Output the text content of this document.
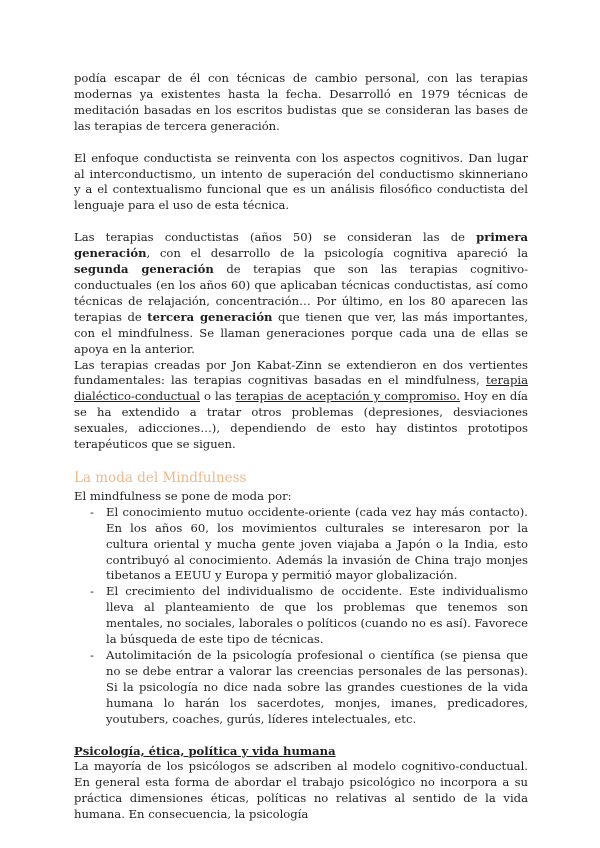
podía escapar de él con técnicas de cambio personal, con las terapias modernas ya existentes hasta la fecha. Desarrolló en 1979 técnicas de meditación basadas en los escritos budistas que se consideran las bases de las terapias de tercera generación.

El enfoque conductista se reinventa con los aspectos cognitivos. Dan lugar al interconductismo, un intento de superación del conductismo skinneriano y a el contextualismo funcional que es un análisis filosófico conductista del lenguaje para el uso de esta técnica.

Las terapias conductistas (años 50) se consideran las de primera generación, con el desarrollo de la psicología cognitiva apareció la segunda generación de terapias que son las terapias cognitivo-conductuales (en los años 60) que aplicaban técnicas conductistas, así como técnicas de relajación, concentración… Por último, en los 80 aparecen las terapias de tercera generación que tienen que ver, las más importantes, con el mindfulness. Se llaman generaciones porque cada una de ellas se apoya en la anterior.

Las terapias creadas por Jon Kabat-Zinn se extendieron en dos vertientes fundamentales: las terapias cognitivas basadas en el mindfulness, terapia dialéctico-conductual o las terapias de aceptación y compromiso. Hoy en día se ha extendido a tratar otros problemas (depresiones, desviaciones sexuales, adicciones…), dependiendo de esto hay distintos prototipos terapéuticos que se siguen.

La moda del Mindfulness

El mindfulness se pone de moda por:

- El conocimiento mutuo occidente-oriente (cada vez hay más contacto). En los años 60, los movimientos culturales se interesaron por la cultura oriental y mucha gente joven viajaba a Japón o la India, esto contribuyó al conocimiento. Además la invasión de China trajo monjes tibetanos a EEUU y Europa y permitió mayor globalización.
- El crecimiento del individualismo de occidente. Este individualismo lleva al planteamiento de que los problemas que tenemos son mentales, no sociales, laborales o políticos (cuando no es así). Favorece la búsqueda de este tipo de técnicas.
- Autolimitación de la psicología profesional o científica (se piensa que no se debe entrar a valorar las creencias personales de las personas). Si la psicología no dice nada sobre las grandes cuestiones de la vida humana lo harán los sacerdotes, monjes, imanes, predicadores, youtubers, coaches, gurús, líderes intelectuales, etc.
Psicología, ética, política y vida humana

La mayoría de los psicólogos se adscriben al modelo cognitivo-conductual. En general esta forma de abordar el trabajo psicológico no incorpora a su práctica dimensiones éticas, políticas no relativas al sentido de la vida humana. En consecuencia, la psicología
